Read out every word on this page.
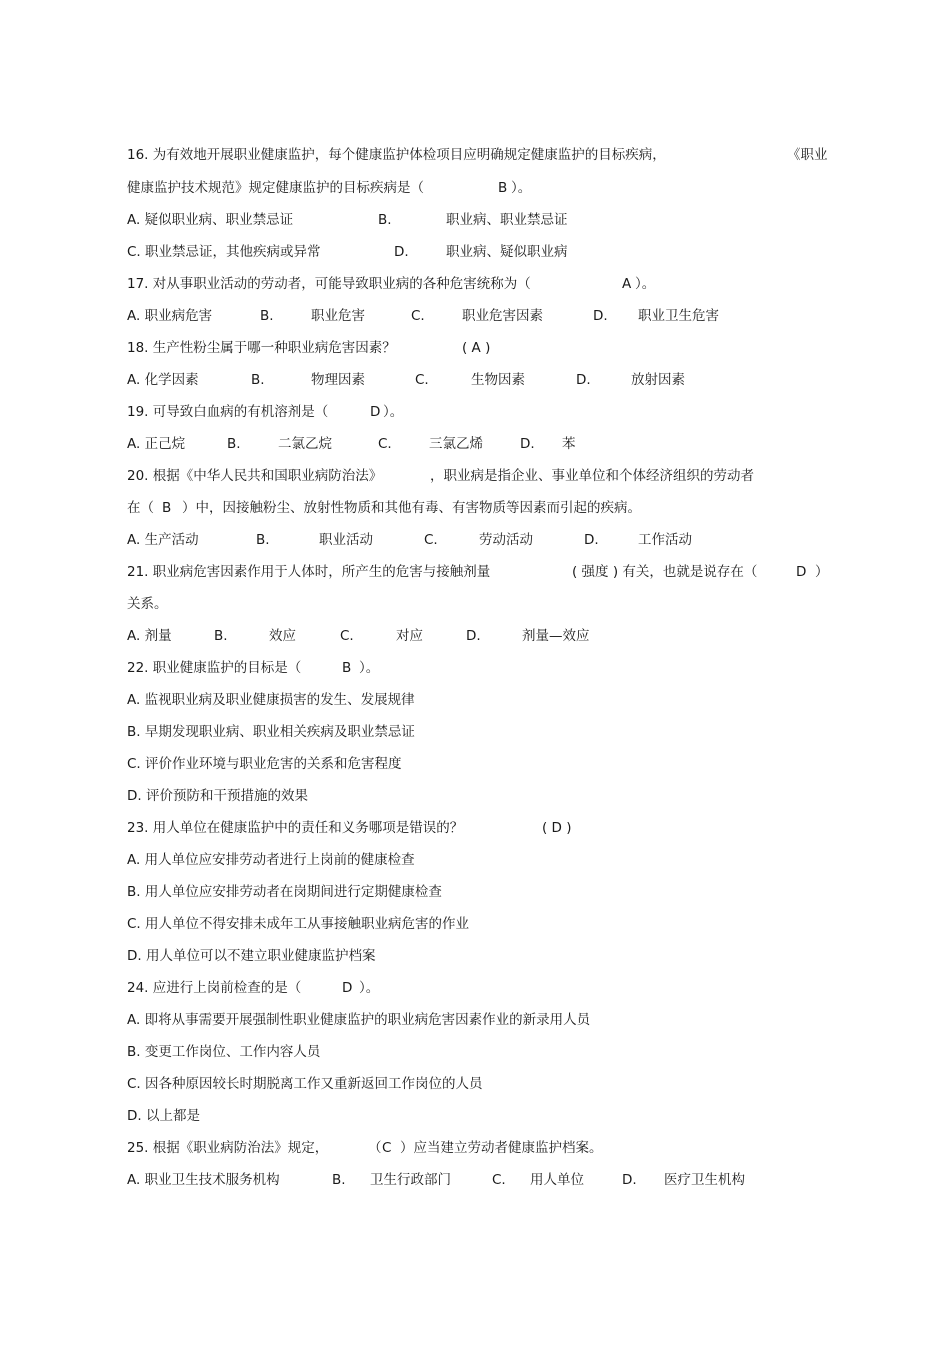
16. 为有效地开展职业健康监护，每个健康监护体检项目应明确规定健康监护的目标疾病，	《职业
健康监护技术规范》规定健康监护的目标疾病是（	B ）。
A. 疑似职业病、职业禁忌证	B.	职业病、职业禁忌证
C. 职业禁忌证，其他疾病或异常	D.	职业病、疑似职业病
17. 对从事职业活动的劳动者，可能导致职业病的各种危害统称为（	A ）。
A. 职业病危害	B.	职业危害	C.	职业危害因素	D. 职业卫生危害
18. 生产性粉尘属于哪一种职业病危害因素？	( A )
A. 化学因素	B.	物理因素	C.	生物因素	D.	放射因素
19. 可导致白血病的有机溶剂是（	D ）。
A. 正己烷	B.	二氯乙烷	C.	三氯乙烯	D. 苯
20. 根据《中华人民共和国职业病防治法》	，职业病是指企业、事业单位和个体经济组织的劳动者
在（ B ）中，因接触粉尘、放射性物质和其他有毒、有害物质等因素而引起的疾病。
A. 生产活动	B.	职业活动	C.	劳动活动	D.	工作活动
21. 职业病危害因素作用于人体时，所产生的危害与接触剂量	( 强度 ) 有关，也就是说存在（	D ）
关系。
A. 剂量	B.	效应	C.	对应	D.	剂量—效应
22. 职业健康监护的目标是（	B ）。
A. 监视职业病及职业健康损害的发生、发展规律
B. 早期发现职业病、职业相关疾病及职业禁忌证
C. 评价作业环境与职业危害的关系和危害程度
D. 评价预防和干预措施的效果
23. 用人单位在健康监护中的责任和义务哪项是错误的？	( D )
A. 用人单位应安排劳动者进行上岗前的健康检查
B. 用人单位应安排劳动者在岗期间进行定期健康检查
C. 用人单位不得安排未成年工从事接触职业病危害的作业
D. 用人单位可以不建立职业健康监护档案
24. 应进行上岗前检查的是（	D ）。
A. 即将从事需要开展强制性职业健康监护的职业病危害因素作业的新录用人员
B. 变更工作岗位、工作内容人员
C. 因各种原因较长时期脱离工作又重新返回工作岗位的人员
D. 以上都是
25. 根据《职业病防治法》规定，	（ C ）应当建立劳动者健康监护档案。
A. 职业卫生技术服务机构	B. 卫生行政部门	C. 用人单位	D. 医疗卫生机构
